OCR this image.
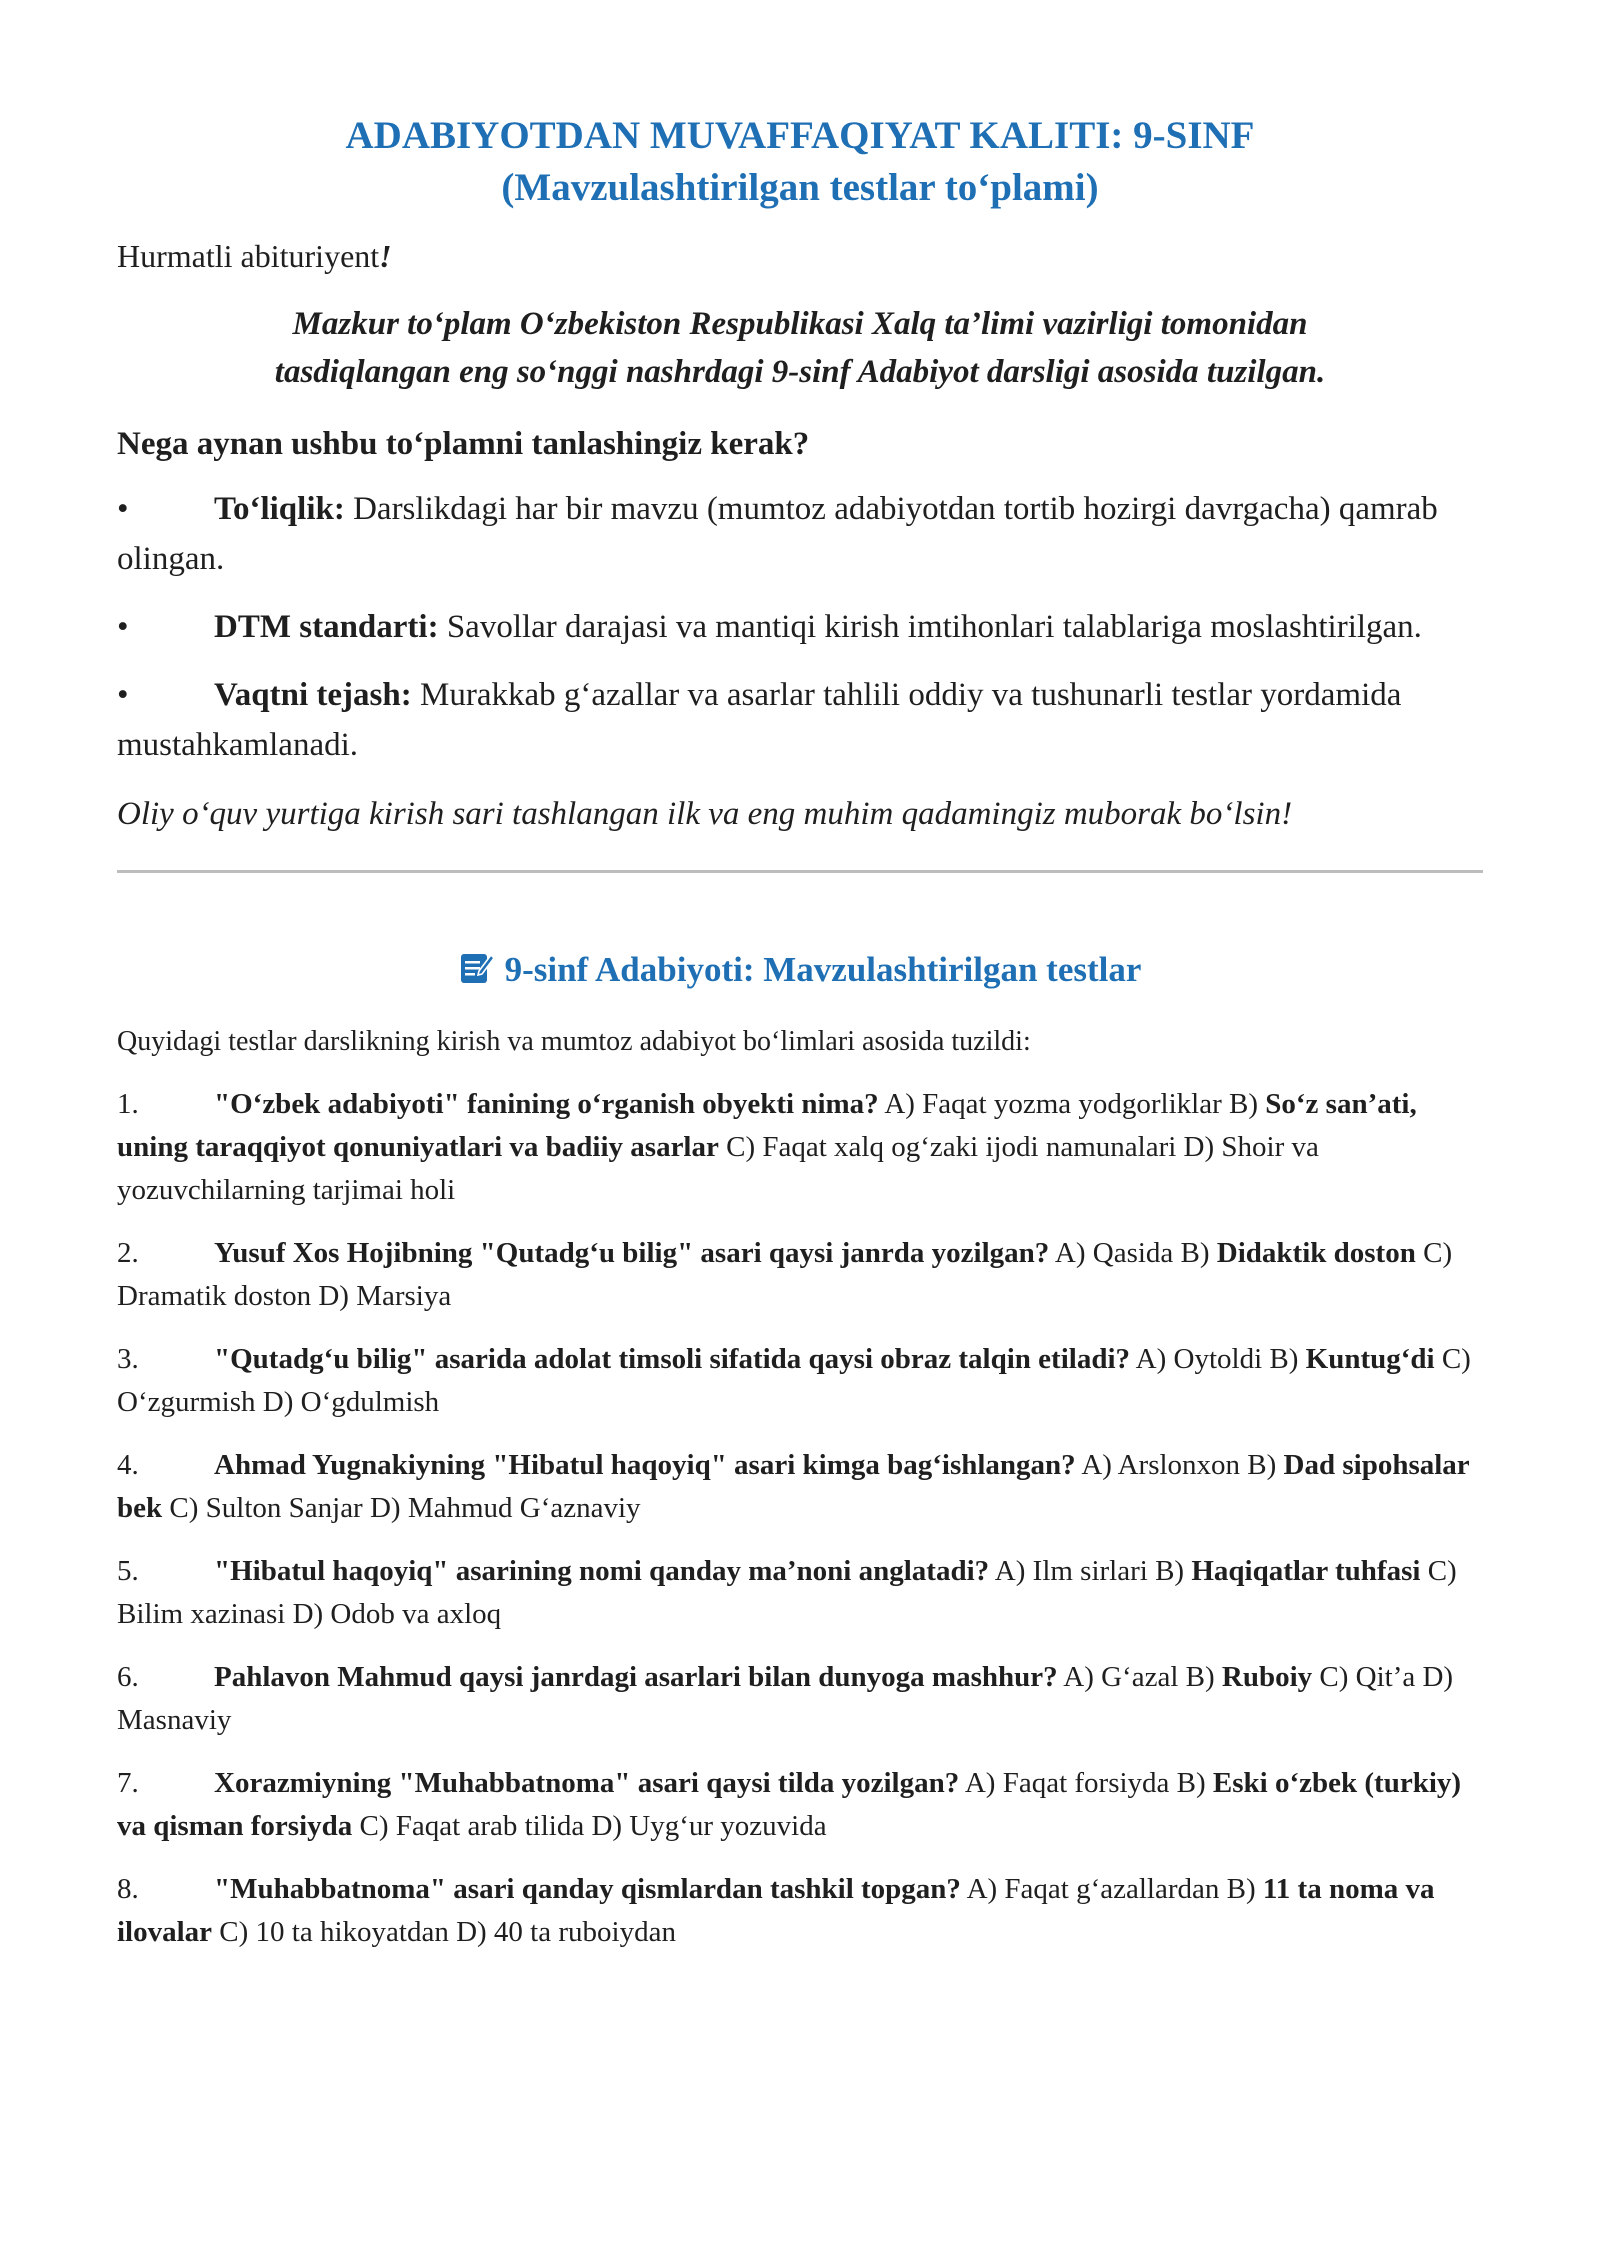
ADABIYOTDAN MUVAFFAQIYAT KALITI: 9-SINF
(Mavzulashtirilgan testlar to‘plami)

Hurmatli abituriyent!

Mazkur to‘plam O‘zbekiston Respublikasi Xalq ta’limi vazirligi tomonidan
tasdiqlangan eng so‘nggi nashrdagi 9-sinf Adabiyot darsligi asosida tuzilgan.

Nega aynan ushbu to‘plamni tanlashingiz kerak?

•	To‘liqlik: Darslikdagi har bir mavzu (mumtoz adabiyotdan tortib hozirgi davrgacha) qamrab olingan.

•	DTM standarti: Savollar darajasi va mantiqi kirish imtihonlari talablariga moslashtirilgan.

•	Vaqtni tejash: Murakkab g‘azallar va asarlar tahlili oddiy va tushunarli testlar yordamida mustahkamlanadi.

Oliy o‘quv yurtiga kirish sari tashlangan ilk va eng muhim qadamingiz muborak bo‘lsin!

9-sinf Adabiyoti: Mavzulashtirilgan testlar

Quyidagi testlar darslikning kirish va mumtoz adabiyot bo‘limlari asosida tuzildi:

1.	"O‘zbek adabiyoti" fanining o‘rganish obyekti nima? A) Faqat yozma yodgorliklar B) So‘z san’ati, uning taraqqiyot qonuniyatlari va badiiy asarlar C) Faqat xalq og‘zaki ijodi namunalari D) Shoir va yozuvchilarning tarjimai holi
2.	Yusuf Xos Hojibning "Qutadg‘u bilig" asari qaysi janrda yozilgan? A) Qasida B) Didaktik doston C) Dramatik doston D) Marsiya
3.	"Qutadg‘u bilig" asarida adolat timsoli sifatida qaysi obraz talqin etiladi? A) Oytoldi B) Kuntug‘di C) O‘zgurmish D) O‘gdulmish
4.	Ahmad Yugnakiyning "Hibatul haqoyiq" asari kimga bag‘ishlangan? A) Arslonxon B) Dad sipohsalar bek C) Sulton Sanjar D) Mahmud G‘aznaviy
5.	"Hibatul haqoyiq" asarining nomi qanday ma’noni anglatadi? A) Ilm sirlari B) Haqiqatlar tuhfasi C) Bilim xazinasi D) Odob va axloq
6.	Pahlavon Mahmud qaysi janrdagi asarlari bilan dunyoga mashhur? A) G‘azal B) Ruboiy C) Qit’a D) Masnaviy
7.	Xorazmiyning "Muhabbatnoma" asari qaysi tilda yozilgan? A) Faqat forsiyda B) Eski o‘zbek (turkiy) va qisman forsiyda C) Faqat arab tilida D) Uyg‘ur yozuvida
8.	"Muhabbatnoma" asari qanday qismlardan tashkil topgan? A) Faqat g‘azallardan B) 11 ta noma va ilovalar C) 10 ta hikoyatdan D) 40 ta ruboiydan
